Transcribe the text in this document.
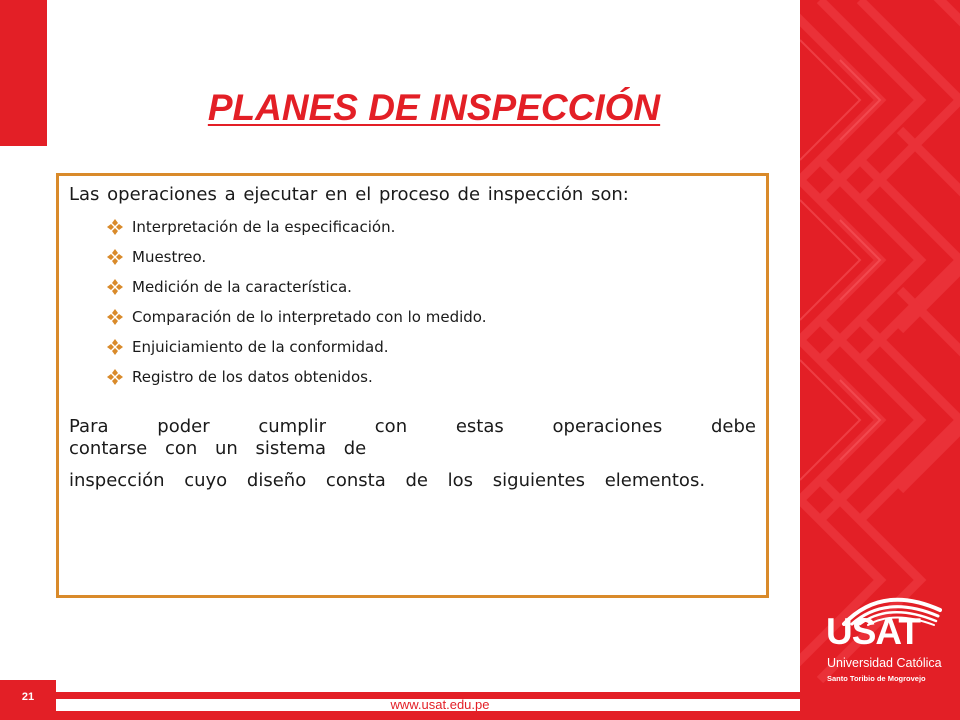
USAT
Universidad Católica
Santo Toribio de Mogrovejo
PLANES DE INSPECCIÓN

Las operaciones a ejecutar en el proceso de inspección son:

Interpretación de la especificación.
Muestreo.
Medición de la característica.
Comparación de lo interpretado con lo medido.
Enjuiciamiento de la conformidad.
Registro de los datos obtenidos.

Para poder cumplir con estas operaciones debe

contarse con un sistema de

inspección cuyo diseño consta de los siguientes elementos.

21	www.usat.edu.pe
